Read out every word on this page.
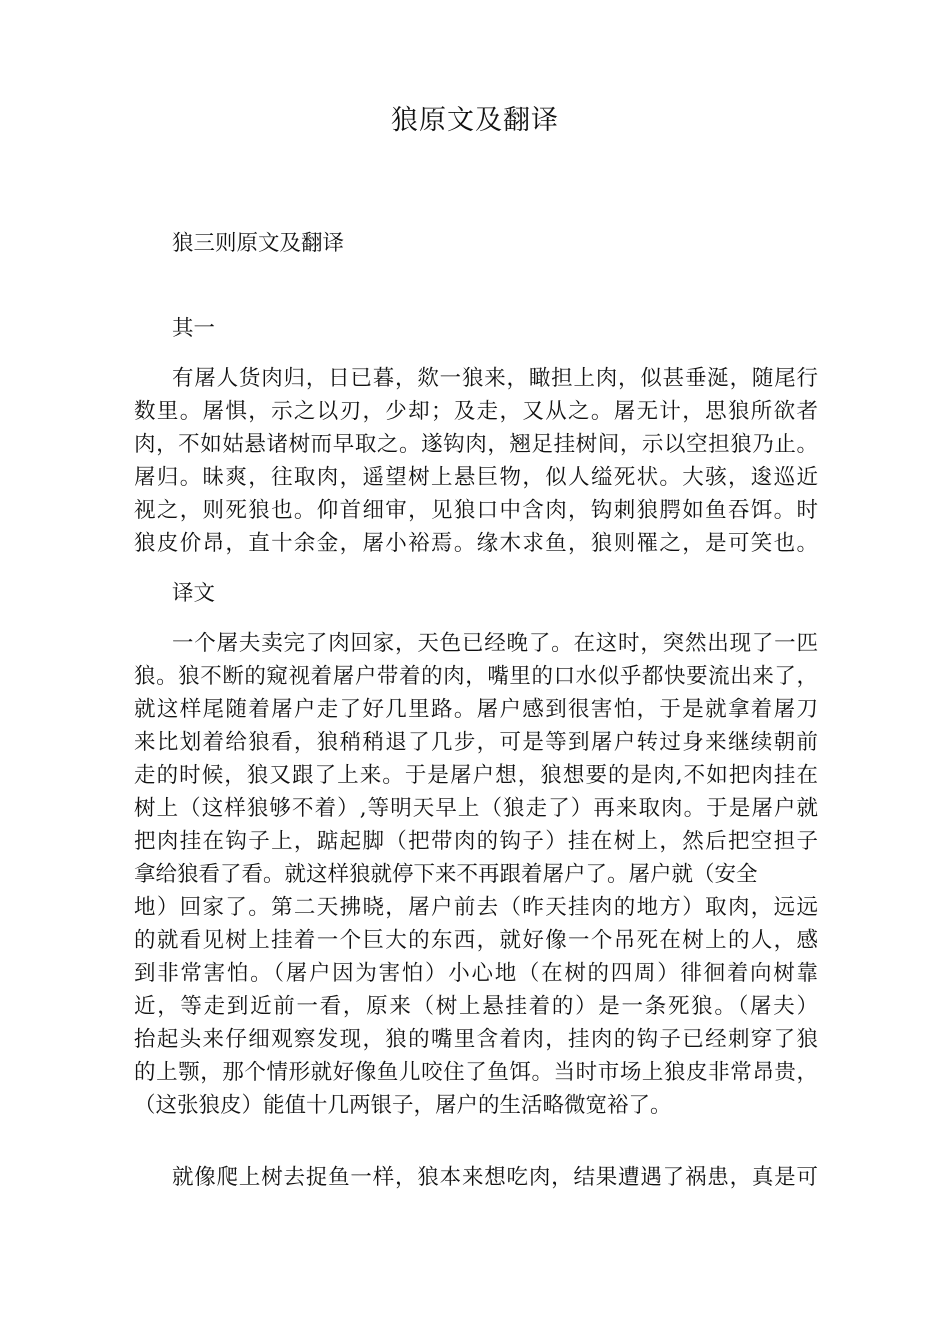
狼原文及翻译
狼三则原文及翻译
其一
有屠人货肉归，日已暮，欻一狼来，瞰担上肉，似甚垂涎，随尾行
数里。屠惧，示之以刃，少却；及走，又从之。屠无计，思狼所欲者
肉，不如姑悬诸树而早取之。遂钩肉，翘足挂树间，示以空担狼乃止。
屠归。昧爽，往取肉，遥望树上悬巨物，似人缢死状。大骇，逡巡近
视之，则死狼也。仰首细审，见狼口中含肉，钩刺狼腭如鱼吞饵。时
狼皮价昂，直十余金，屠小裕焉。缘木求鱼，狼则罹之，是可笑也。
译文
一个屠夫卖完了肉回家，天色已经晚了。在这时，突然出现了一匹
狼。狼不断的窥视着屠户带着的肉，嘴里的口水似乎都快要流出来了，
就这样尾随着屠户走了好几里路。屠户感到很害怕，于是就拿着屠刀
来比划着给狼看，狼稍稍退了几步，可是等到屠户转过身来继续朝前
走的时候，狼又跟了上来。于是屠户想，狼想要的是肉,不如把肉挂在
树上（这样狼够不着）,等明天早上（狼走了）再来取肉。于是屠户就
把肉挂在钩子上，踮起脚（把带肉的钩子）挂在树上，然后把空担子
拿给狼看了看。就这样狼就停下来不再跟着屠户了。屠户就（安全
地）回家了。第二天拂晓，屠户前去（昨天挂肉的地方）取肉，远远
的就看见树上挂着一个巨大的东西，就好像一个吊死在树上的人，感
到非常害怕。（屠户因为害怕）小心地（在树的四周）徘徊着向树靠
近，等走到近前一看，原来（树上悬挂着的）是一条死狼。（屠夫）
抬起头来仔细观察发现，狼的嘴里含着肉，挂肉的钩子已经刺穿了狼
的上颚，那个情形就好像鱼儿咬住了鱼饵。当时市场上狼皮非常昂贵，
（这张狼皮）能值十几两银子，屠户的生活略微宽裕了。
就像爬上树去捉鱼一样，狼本来想吃肉，结果遭遇了祸患，真是可
